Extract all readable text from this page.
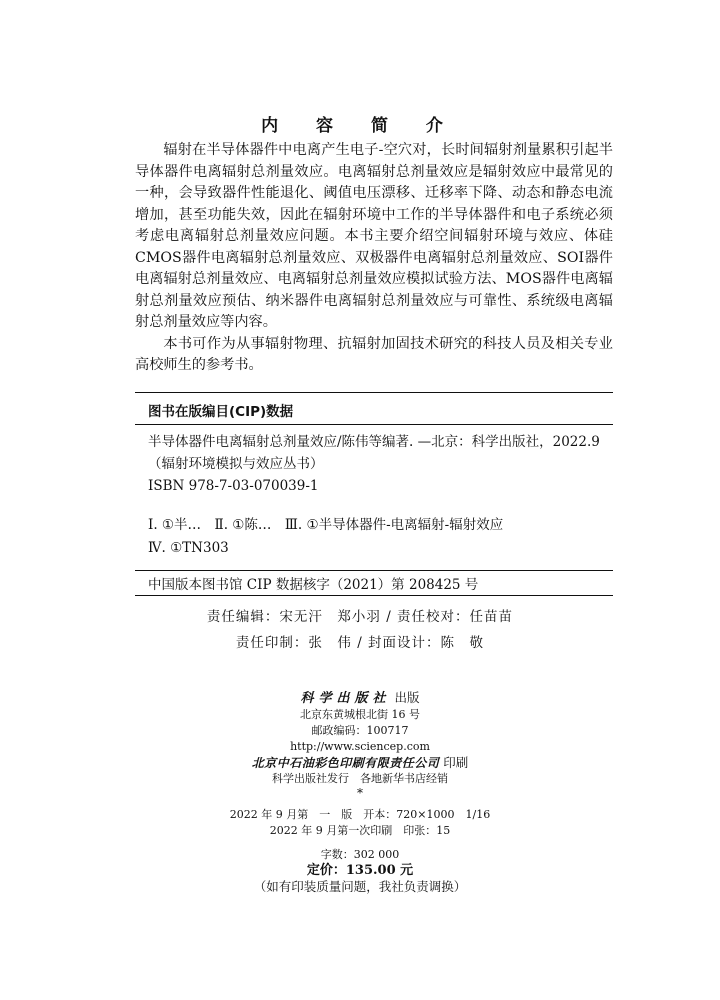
内 容 简 介

辐射在半导体器件中电离产生电子-空穴对，长时间辐射剂量累积引起半导体器件电离辐射总剂量效应。电离辐射总剂量效应是辐射效应中最常见的一种，会导致器件性能退化、阈值电压漂移、迁移率下降、动态和静态电流增加，甚至功能失效，因此在辐射环境中工作的半导体器件和电子系统必须考虑电离辐射总剂量效应问题。本书主要介绍空间辐射环境与效应、体硅CMOS器件电离辐射总剂量效应、双极器件电离辐射总剂量效应、SOI器件电离辐射总剂量效应、电离辐射总剂量效应模拟试验方法、MOS器件电离辐射总剂量效应预估、纳米器件电离辐射总剂量效应与可靠性、系统级电离辐射总剂量效应等内容。

本书可作为从事辐射物理、抗辐射加固技术研究的科技人员及相关专业高校师生的参考书。

图书在版编目(CIP)数据
半导体器件电离辐射总剂量效应/陈伟等编著. —北京：科学出版社，2022.9
（辐射环境模拟与效应丛书）
ISBN 978-7-03-070039-1
Ⅰ. ①半…　Ⅱ. ①陈…　Ⅲ. ①半导体器件-电离辐射-辐射效应
Ⅳ. ①TN303
中国版本图书馆 CIP 数据核字（2021）第 208425 号
责任编辑：宋无汗　郑小羽 / 责任校对：任苗苗
责任印制：张　伟 / 封面设计：陈　敬
科学出版社 出版
北京东黄城根北街 16 号
邮政编码：100717
http://www.sciencep.com
北京中石油彩色印刷有限责任公司 印刷
科学出版社发行　各地新华书店经销
*
2022 年 9 月第　一　版　开本：720×1000　1/16
2022 年 9 月第一次印刷　印张：15
字数：302 000
定价：135.00 元
（如有印装质量问题，我社负责调换）
